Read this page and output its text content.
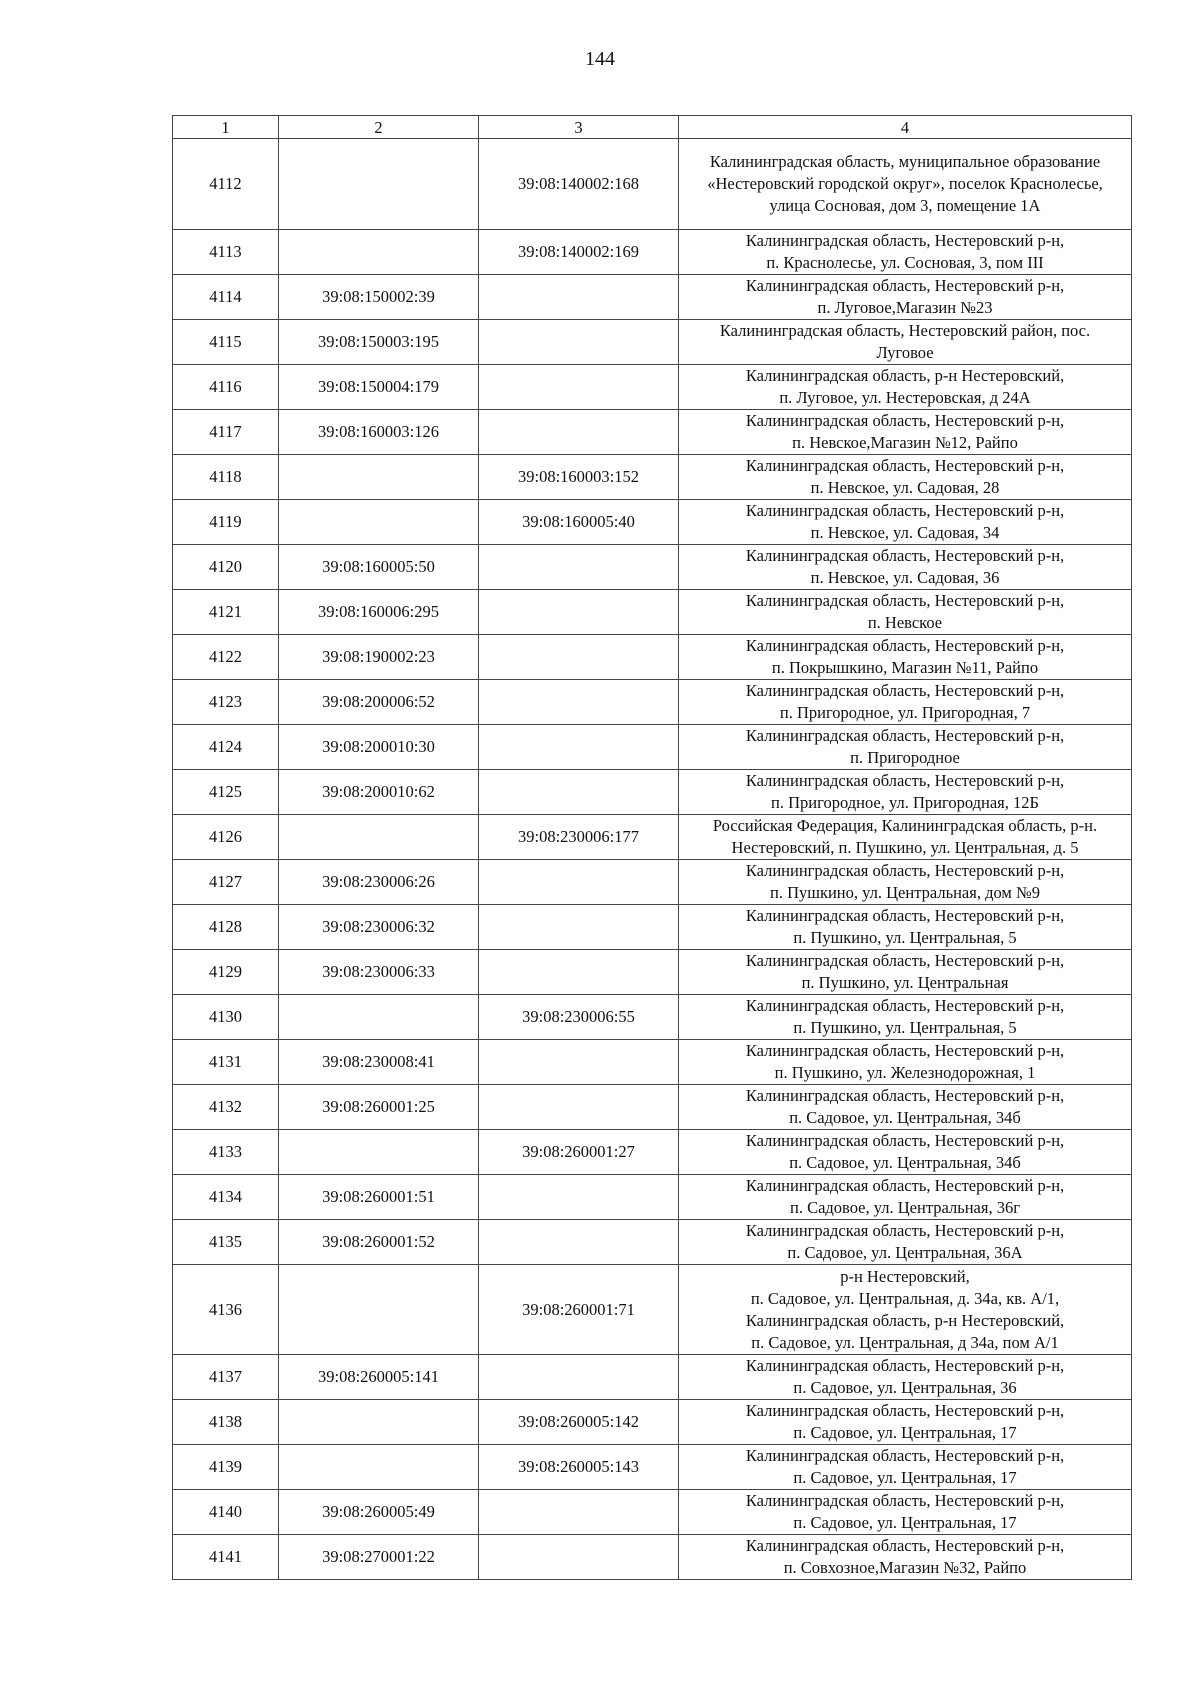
144
1	2	3	4
4112		39:08:140002:168	Калининградская область, муниципальное образование
«Нестеровский городской округ», поселок Краснолесье,
улица Сосновая, дом 3, помещение 1А

4113		39:08:140002:169	Калининградская область, Нестеровский р-н,
п. Краснолесье, ул. Сосновая, 3, пом III

4114	39:08:150002:39		Калининградская область, Нестеровский р-н,
п. Луговое,Магазин №23

4115	39:08:150003:195		Калининградская область, Нестеровский район, пос.
Луговое

4116	39:08:150004:179		Калининградская область, р-н Нестеровский,
п. Луговое, ул. Нестеровская, д 24А

4117	39:08:160003:126		Калининградская область, Нестеровский р-н,
п. Невское,Магазин №12, Райпо

4118		39:08:160003:152	Калининградская область, Нестеровский р-н,
п. Невское, ул. Садовая, 28

4119		39:08:160005:40	Калининградская область, Нестеровский р-н,
п. Невское, ул. Садовая, 34

4120	39:08:160005:50		Калининградская область, Нестеровский р-н,
п. Невское, ул. Садовая, 36

4121	39:08:160006:295		Калининградская область, Нестеровский р-н,
п. Невское

4122	39:08:190002:23		Калининградская область, Нестеровский р-н,
п. Покрышкино, Магазин №11, Райпо

4123	39:08:200006:52		Калининградская область, Нестеровский р-н,
п. Пригородное, ул. Пригородная, 7

4124	39:08:200010:30		Калининградская область, Нестеровский р-н,
п. Пригородное

4125	39:08:200010:62		Калининградская область, Нестеровский р-н,
п. Пригородное, ул. Пригородная, 12Б

4126		39:08:230006:177	Российская Федерация, Калининградская область, р-н.
Нестеровский, п. Пушкино, ул. Центральная, д. 5

4127	39:08:230006:26		Калининградская область, Нестеровский р-н,
п. Пушкино, ул. Центральная, дом №9

4128	39:08:230006:32		Калининградская область, Нестеровский р-н,
п. Пушкино, ул. Центральная, 5

4129	39:08:230006:33		Калининградская область, Нестеровский р-н,
п. Пушкино, ул. Центральная

4130		39:08:230006:55	Калининградская область, Нестеровский р-н,
п. Пушкино, ул. Центральная, 5

4131	39:08:230008:41		Калининградская область, Нестеровский р-н,
п. Пушкино, ул. Железнодорожная, 1

4132	39:08:260001:25		Калининградская область, Нестеровский р-н,
п. Садовое, ул. Центральная, 34б

4133		39:08:260001:27	Калининградская область, Нестеровский р-н,
п. Садовое, ул. Центральная, 34б

4134	39:08:260001:51		Калининградская область, Нестеровский р-н,
п. Садовое, ул. Центральная, 36г

4135	39:08:260001:52		Калининградская область, Нестеровский р-н,
п. Садовое, ул. Центральная, 36А

4136		39:08:260001:71	р-н Нестеровский,
п. Садовое, ул. Центральная, д. 34а, кв. А/1,
Калининградская область, р-н Нестеровский,
п. Садовое, ул. Центральная, д 34а, пом А/1

4137	39:08:260005:141		Калининградская область, Нестеровский р-н,
п. Садовое, ул. Центральная, 36

4138		39:08:260005:142	Калининградская область, Нестеровский р-н,
п. Садовое, ул. Центральная, 17

4139		39:08:260005:143	Калининградская область, Нестеровский р-н,
п. Садовое, ул. Центральная, 17

4140	39:08:260005:49		Калининградская область, Нестеровский р-н,
п. Садовое, ул. Центральная, 17

4141	39:08:270001:22		Калининградская область, Нестеровский р-н,
п. Совхозное,Магазин №32, Райпо
